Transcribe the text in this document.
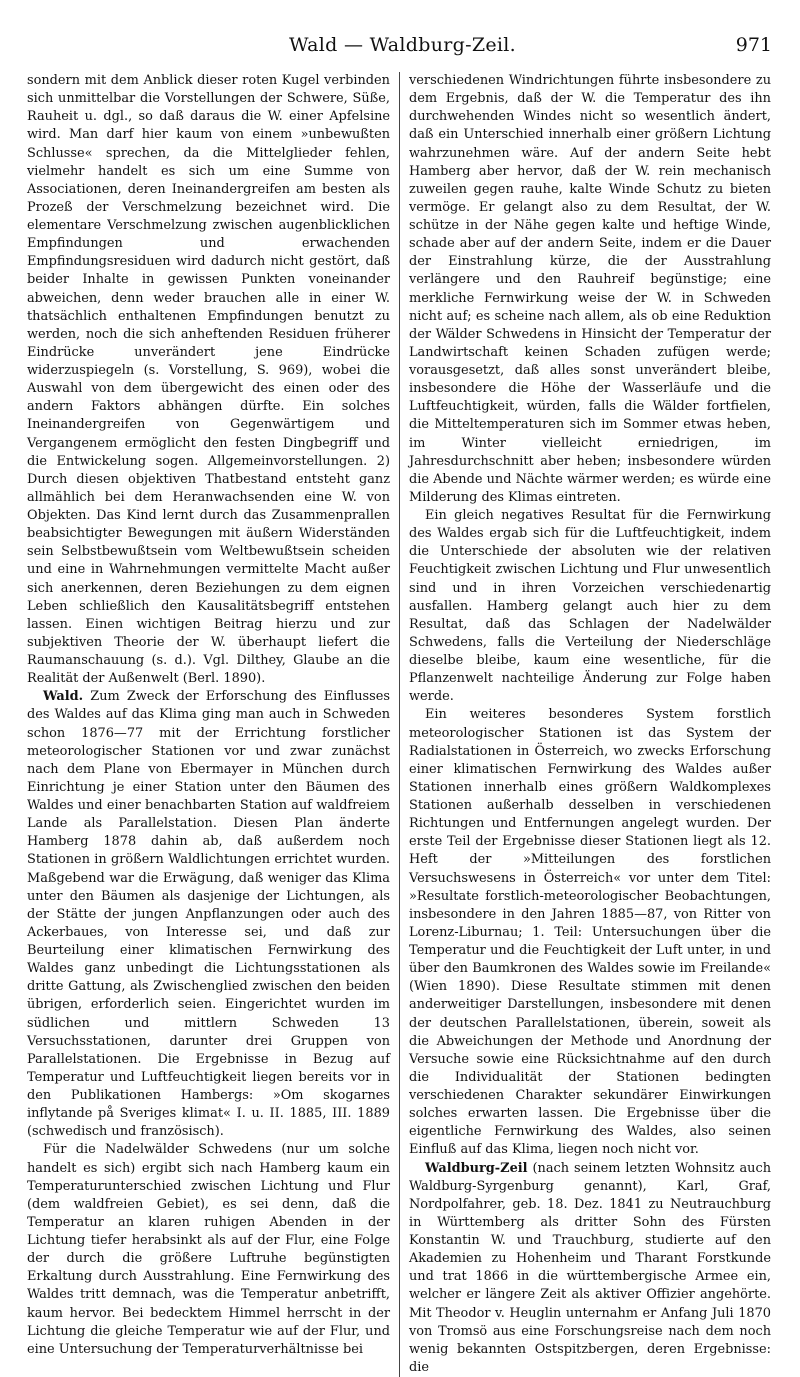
Wald — Waldburg-Zeil.	971

sondern mit dem Anblick dieser roten Kugel verbinden sich unmittelbar die Vorstellungen der Schwere, Süße, Rauheit u. dgl., so daß daraus die W. einer Apfelsine wird. Man darf hier kaum von einem »unbewußten Schlusse« sprechen, da die Mittelglieder fehlen, vielmehr handelt es sich um eine Summe von Associationen, deren Ineinandergreifen am besten als Prozeß der Verschmelzung bezeichnet wird. Die elementare Verschmelzung zwischen augenblicklichen Empfindungen und erwachenden Empfindungsresiduen wird dadurch nicht gestört, daß beider Inhalte in gewissen Punkten voneinander abweichen, denn weder brauchen alle in einer W. thatsächlich enthaltenen Empfindungen benutzt zu werden, noch die sich anheftenden Residuen früherer Eindrücke unverändert jene Eindrücke widerzuspiegeln (s. Vorstellung, S. 969), wobei die Auswahl von dem übergewicht des einen oder des andern Faktors abhängen dürfte. Ein solches Ineinandergreifen von Gegenwärtigem und Vergangenem ermöglicht den festen Dingbegriff und die Entwickelung sogen. Allgemeinvorstellungen. 2) Durch diesen objektiven Thatbestand entsteht ganz allmählich bei dem Heranwachsenden eine W. von Objekten. Das Kind lernt durch das Zusammenprallen beabsichtigter Bewegungen mit äußern Widerständen sein Selbstbewußtsein vom Weltbewußtsein scheiden und eine in Wahrnehmungen vermittelte Macht außer sich anerkennen, deren Beziehungen zu dem eignen Leben schließlich den Kausalitätsbegriff entstehen lassen. Einen wichtigen Beitrag hierzu und zur subjektiven Theorie der W. überhaupt liefert die Raumanschauung (s. d.). Vgl. Dilthey, Glaube an die Realität der Außenwelt (Berl. 1890).

Wald. Zum Zweck der Erforschung des Einflusses des Waldes auf das Klima ging man auch in Schweden schon 1876—77 mit der Errichtung forstlicher meteorologischer Stationen vor und zwar zunächst nach dem Plane von Ebermayer in München durch Einrichtung je einer Station unter den Bäumen des Waldes und einer benachbarten Station auf waldfreiem Lande als Parallelstation. Diesen Plan änderte Hamberg 1878 dahin ab, daß außerdem noch Stationen in größern Waldlichtungen errichtet wurden. Maßgebend war die Erwägung, daß weniger das Klima unter den Bäumen als dasjenige der Lichtungen, als der Stätte der jungen Anpflanzungen oder auch des Ackerbaues, von Interesse sei, und daß zur Beurteilung einer klimatischen Fernwirkung des Waldes ganz unbedingt die Lichtungsstationen als dritte Gattung, als Zwischenglied zwischen den beiden übrigen, erforderlich seien. Eingerichtet wurden im südlichen und mittlern Schweden 13 Versuchsstationen, darunter drei Gruppen von Parallelstationen. Die Ergebnisse in Bezug auf Temperatur und Luftfeuchtigkeit liegen bereits vor in den Publikationen Hambergs: »Om skogarnes inflytande på Sveriges klimat« I. u. II. 1885, III. 1889 (schwedisch und französisch).

Für die Nadelwälder Schwedens (nur um solche handelt es sich) ergibt sich nach Hamberg kaum ein Temperaturunterschied zwischen Lichtung und Flur (dem waldfreien Gebiet), es sei denn, daß die Temperatur an klaren ruhigen Abenden in der Lichtung tiefer herabsinkt als auf der Flur, eine Folge der durch die größere Luftruhe begünstigten Erkaltung durch Ausstrahlung. Eine Fernwirkung des Waldes tritt demnach, was die Temperatur anbetrifft, kaum hervor. Bei bedecktem Himmel herrscht in der Lichtung die gleiche Temperatur wie auf der Flur, und eine Untersuchung der Temperaturverhältnisse bei

verschiedenen Windrichtungen führte insbesondere zu dem Ergebnis, daß der W. die Temperatur des ihn durchwehenden Windes nicht so wesentlich ändert, daß ein Unterschied innerhalb einer größern Lichtung wahrzunehmen wäre. Auf der andern Seite hebt Hamberg aber hervor, daß der W. rein mechanisch zuweilen gegen rauhe, kalte Winde Schutz zu bieten vermöge. Er gelangt also zu dem Resultat, der W. schütze in der Nähe gegen kalte und heftige Winde, schade aber auf der andern Seite, indem er die Dauer der Einstrahlung kürze, die der Ausstrahlung verlängere und den Rauhreif begünstige; eine merkliche Fernwirkung weise der W. in Schweden nicht auf; es scheine nach allem, als ob eine Reduktion der Wälder Schwedens in Hinsicht der Temperatur der Landwirtschaft keinen Schaden zufügen werde; vorausgesetzt, daß alles sonst unverändert bleibe, insbesondere die Höhe der Wasserläufe und die Luftfeuchtigkeit, würden, falls die Wälder fortfielen, die Mitteltemperaturen sich im Sommer etwas heben, im Winter vielleicht erniedrigen, im Jahresdurchschnitt aber heben; insbesondere würden die Abende und Nächte wärmer werden; es würde eine Milderung des Klimas eintreten.

Ein gleich negatives Resultat für die Fernwirkung des Waldes ergab sich für die Luftfeuchtigkeit, indem die Unterschiede der absoluten wie der relativen Feuchtigkeit zwischen Lichtung und Flur unwesentlich sind und in ihren Vorzeichen verschiedenartig ausfallen. Hamberg gelangt auch hier zu dem Resultat, daß das Schlagen der Nadelwälder Schwedens, falls die Verteilung der Niederschläge dieselbe bleibe, kaum eine wesentliche, für die Pflanzenwelt nachteilige Änderung zur Folge haben werde.

Ein weiteres besonderes System forstlich meteorologischer Stationen ist das System der Radialstationen in Österreich, wo zwecks Erforschung einer klimatischen Fernwirkung des Waldes außer Stationen innerhalb eines größern Waldkomplexes Stationen außerhalb desselben in verschiedenen Richtungen und Entfernungen angelegt wurden. Der erste Teil der Ergebnisse dieser Stationen liegt als 12. Heft der »Mitteilungen des forstlichen Versuchswesens in Österreich« vor unter dem Titel: »Resultate forstlich-meteorologischer Beobachtungen, insbesondere in den Jahren 1885—87, von Ritter von Lorenz-Liburnau; 1. Teil: Untersuchungen über die Temperatur und die Feuchtigkeit der Luft unter, in und über den Baumkronen des Waldes sowie im Freilande« (Wien 1890). Diese Resultate stimmen mit denen anderweitiger Darstellungen, insbesondere mit denen der deutschen Parallelstationen, überein, soweit als die Abweichungen der Methode und Anordnung der Versuche sowie eine Rücksichtnahme auf den durch die Individualität der Stationen bedingten verschiedenen Charakter sekundärer Einwirkungen solches erwarten lassen. Die Ergebnisse über die eigentliche Fernwirkung des Waldes, also seinen Einfluß auf das Klima, liegen noch nicht vor.

Waldburg-Zeil (nach seinem letzten Wohnsitz auch Waldburg-Syrgenburg genannt), Karl, Graf, Nordpolfahrer, geb. 18. Dez. 1841 zu Neutrauchburg in Württemberg als dritter Sohn des Fürsten Konstantin W. und Trauchburg, studierte auf den Akademien zu Hohenheim und Tharant Forstkunde und trat 1866 in die württembergische Armee ein, welcher er längere Zeit als aktiver Offizier angehörte. Mit Theodor v. Heuglin unternahm er Anfang Juli 1870 von Tromsö aus eine Forschungsreise nach dem noch wenig bekannten Ostspitzbergen, deren Ergebnisse: die
